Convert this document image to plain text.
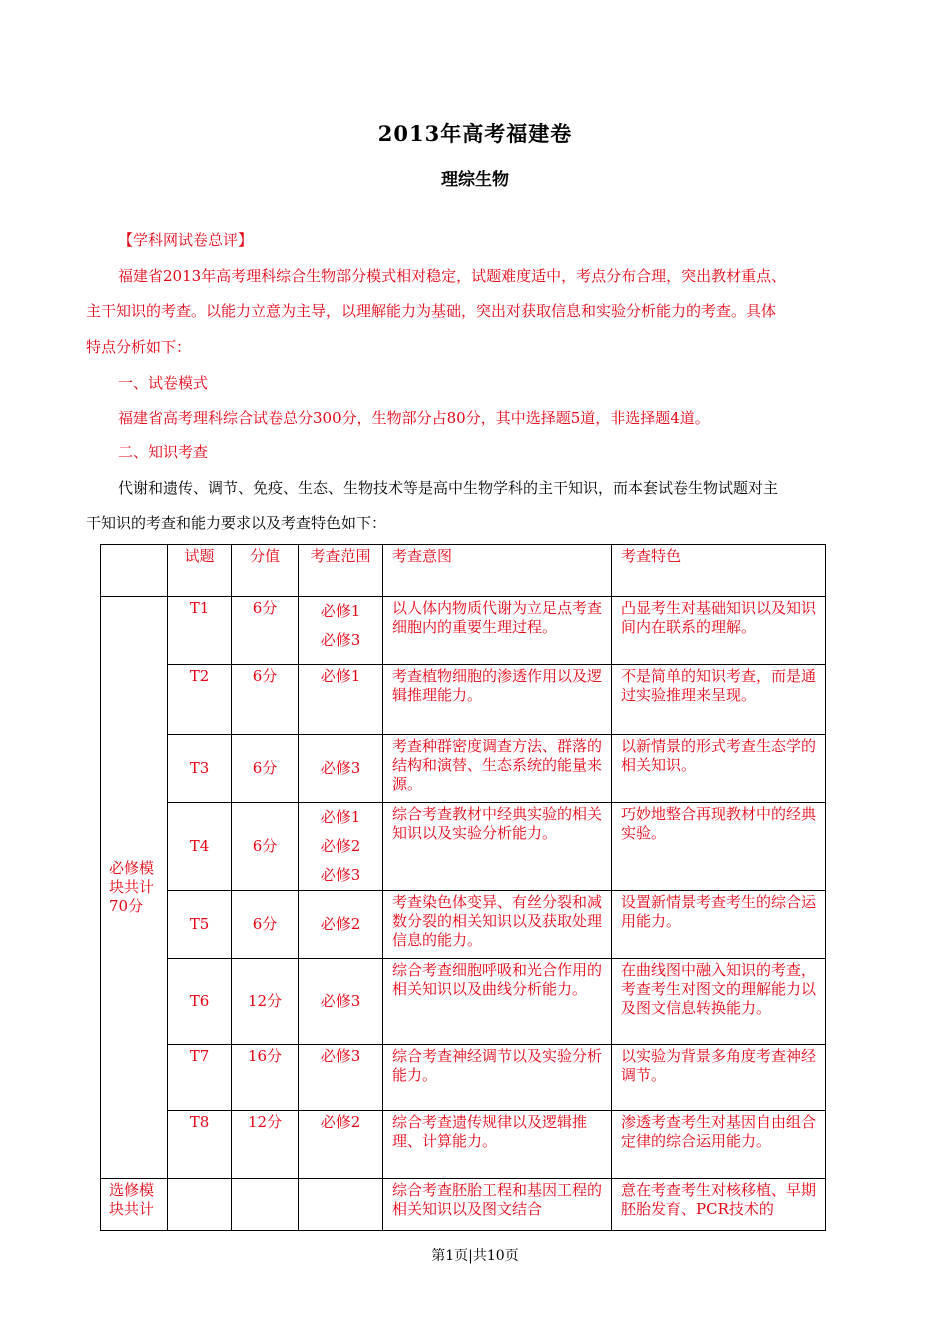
2013年高考福建卷
理综生物
【学科网试卷总评】
福建省2013年高考理科综合生物部分模式相对稳定，试题难度适中，考点分布合理，突出教材重点、
主干知识的考查。以能力立意为主导，以理解能力为基础，突出对获取信息和实验分析能力的考查。具体
特点分析如下：
一、试卷模式
福建省高考理科综合试卷总分300分，生物部分占80分，其中选择题5道，非选择题4道。
二、知识考查
代谢和遗传、调节、免疫、生态、生物技术等是高中生物学科的主干知识，而本套试卷生物试题对主
干知识的考查和能力要求以及考查特色如下：
	试题	分值	考查范围	考查意图	考查特色
必修模块共计70分	T1	6分	必修1
必修3	以人体内物质代谢为立足点考查细胞内的重要生理过程。	凸显考生对基础知识以及知识间内在联系的理解。
	T2	6分	必修1	考查植物细胞的渗透作用以及逻辑推理能力。	不是简单的知识考查，而是通过实验推理来呈现。
	T3	6分	必修3	考查种群密度调查方法、群落的结构和演替、生态系统的能量来源。	以新情景的形式考查生态学的相关知识。
	T4	6分	必修1
必修2
必修3	综合考查教材中经典实验的相关知识以及实验分析能力。	巧妙地整合再现教材中的经典实验。
	T5	6分	必修2	考查染色体变异、有丝分裂和减数分裂的相关知识以及获取处理信息的能力。	设置新情景考查考生的综合运用能力。
	T6	12分	必修3	综合考查细胞呼吸和光合作用的相关知识以及曲线分析能力。	在曲线图中融入知识的考查，考查考生对图文的理解能力以及图文信息转换能力。
	T7	16分	必修3	综合考查神经调节以及实验分析能力。	以实验为背景多角度考查神经调节。
	T8	12分	必修2	综合考查遗传规律以及逻辑推理、计算能力。	渗透考查考生对基因自由组合定律的综合运用能力。
选修模块共计				综合考查胚胎工程和基因工程的相关知识以及图文结合	意在考查考生对核移植、早期胚胎发育、PCR技术的
第1页|共10页
